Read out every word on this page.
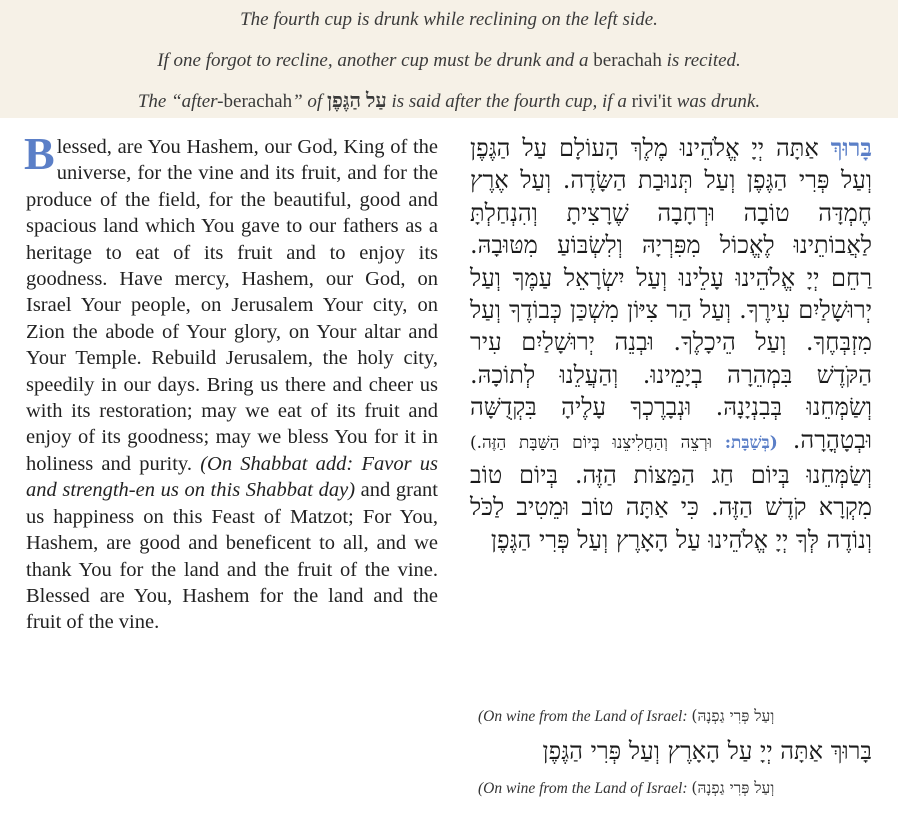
The fourth cup is drunk while reclining on the left side.
If one forgot to recline, another cup must be drunk and a berachah is recited.
The “after-berachah” of עַל הַגֶּפֶן is said after the fourth cup, if a rivi'it was drunk.
Blessed, are You Hashem, our God, King of the universe, for the vine and its fruit, and for the produce of the field, for the beautiful, good and spacious land which You gave to our fathers as a heritage to eat of its fruit and to enjoy its goodness. Have mercy, Hashem, our God, on Israel Your people, on Jerusalem Your city, on Zion the abode of Your glory, on Your altar and Your Temple. Rebuild Jerusalem, the holy city, speedily in our days. Bring us there and cheer us with its restoration; may we eat of its fruit and enjoy of its goodness; may we bless You for it in holiness and purity. (On Shabbat add: Favor us and strength-en us on this Shabbat day) and grant us happiness on this Feast of Matzot; For You, Hashem, are good and beneficent to all, and we thank You for the land and the fruit of the vine. Blessed are You, Hashem for the land and the fruit of the vine.
בָּרוּךְ אַתָּה יְיָ אֱלֹהֵינוּ מֶלֶךְ הָעוֹלָם עַל הַגֶּפֶן וְעַל פְּרִי הַגֶּפֶן וְעַל תְּנוּבַת הַשָּׂדֶה. וְעַל אֶרֶץ חֶמְדָּה טוֹבָה וּרְחָבָה שֶׁרָצִיתָ וְהִנְחַלְתָּ לַאֲבוֹתֵינוּ לֶאֱכוֹל מִפִּרְיָהּ וְלִשְׂבּוֹעַ מִטּוּבָהּ. רַחֵם יְיָ אֱלֹהֵינוּ עָלֵינוּ וְעַל יִשְׂרָאֵל עַמֶּךָ וְעַל יְרוּשָׁלַיִם עִירֶךָ. וְעַל הַר צִיּוֹן מִשְׁכַּן כְּבוֹדֶךָ וְעַל מִזְבְּחֶךָ. וְעַל הֵיכָלֶךָ. וּבְנֵה יְרוּשָׁלַיִם עִיר הַקֹּדֶשׁ בִּמְהֵרָה בְיָמֵינוּ. וְהַעֲלֵנוּ לְתוֹכָהּ. וְשַׂמְּחֵנוּ בְּבִנְיָנָהּ. וּנְבָרֶכְךָ עָלֶיהָ בִּקְדֻשָּׁה וּבְטָהֳרָה. (בְּשַׁבָּת: וּרְצֵה וְהַחֲלִיצֵנוּ בְּיוֹם הַשַּׁבָּת הַזֶּה.) וְשַׂמְּחֵנוּ בְּיוֹם חַג הַמַּצּוֹת הַזֶּה. בְּיוֹם טוֹב מִקְרָא קֹדֶשׁ הַזֶּה. כִּי אַתָּה טוֹב וּמֵטִיב לַכֹּל וְנוֹדֶה לְּךָ יְיָ אֱלֹהֵינוּ עַל הָאָרֶץ וְעַל פְּרִי הַגֶּפֶן
(On wine from the Land of Israel: וְעַל פְּרִי גַפְנָהּ)
בָּרוּךְ אַתָּה יְיָ עַל הָאָרֶץ וְעַל פְּרִי הַגֶּפֶן
(On wine from the Land of Israel: וְעַל פְּרִי גַפְנָהּ)
